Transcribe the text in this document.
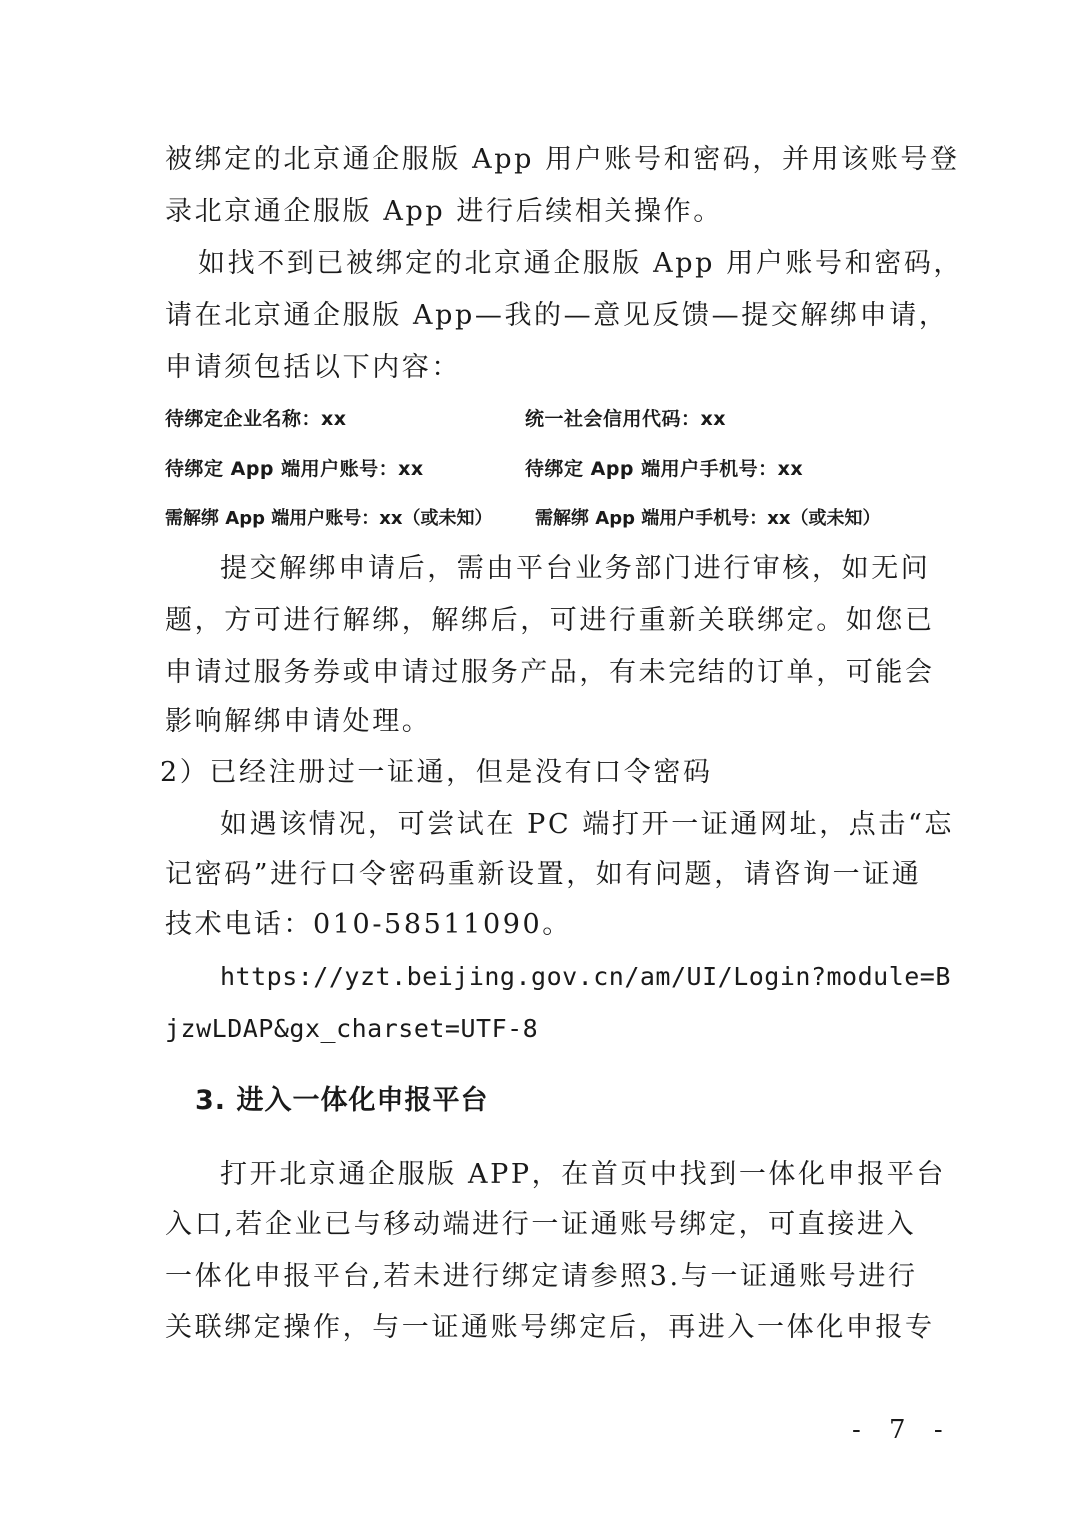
被绑定的北京通企服版 App 用户账号和密码，并用该账号登
录北京通企服版 App 进行后续相关操作。
如找不到已被绑定的北京通企服版 App 用户账号和密码，
请在北京通企服版 App—我的—意见反馈—提交解绑申请，
申请须包括以下内容：
待绑定企业名称：xx	统一社会信用代码：xx
待绑定 App 端用户账号：xx	待绑定 App 端用户手机号：xx
需解绑 App 端用户账号：xx（或未知） 需解绑 App 端用户手机号：xx（或未知）
提交解绑申请后，需由平台业务部门进行审核，如无问
题，方可进行解绑，解绑后，可进行重新关联绑定。如您已
申请过服务券或申请过服务产品，有未完结的订单，可能会
影响解绑申请处理。
2）已经注册过一证通，但是没有口令密码
如遇该情况，可尝试在 PC 端打开一证通网址，点击“忘
记密码”进行口令密码重新设置，如有问题，请咨询一证通
技术电话：010-58511090。
https://yzt.beijing.gov.cn/am/UI/Login?module=B
jzwLDAP&gx_charset=UTF-8
3. 进入一体化申报平台
打开北京通企服版 APP，在首页中找到一体化申报平台
入口,若企业已与移动端进行一证通账号绑定，可直接进入
一体化申报平台,若未进行绑定请参照3.与一证通账号进行
关联绑定操作，与一证通账号绑定后，再进入一体化申报专
- 7 -
